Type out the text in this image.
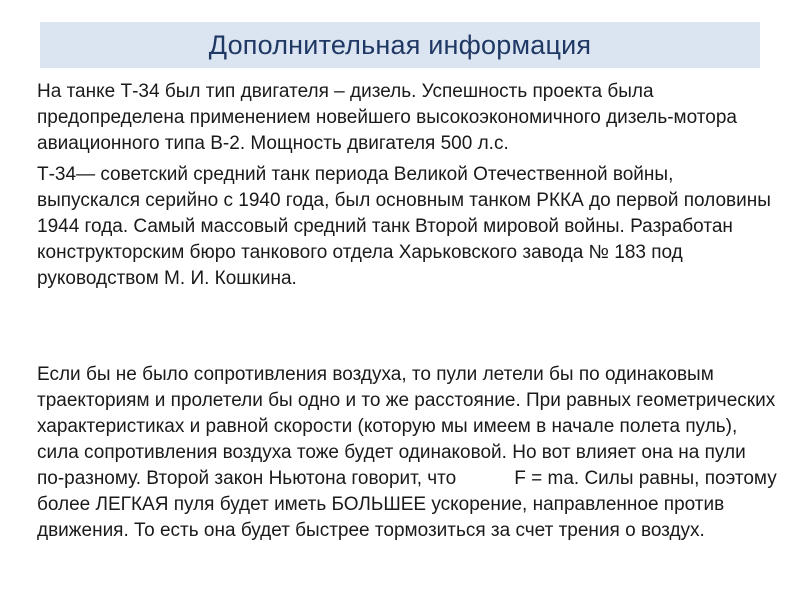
Дополнительная информация

На танке Т-34 был тип двигателя – дизель. Успешность проекта была предопределена применением новейшего высокоэкономичного дизель-мотора авиационного типа В-2. Мощность двигателя 500 л.с.

Т-34— советский средний танк периода Великой Отечественной войны, выпускался серийно с 1940 года, был основным танком РККА до первой половины 1944 года. Самый массовый средний танк Второй мировой войны. Разработан конструкторским бюро танкового отдела Харьковского завода № 183 под руководством М. И. Кошкина.

Если бы не было сопротивления воздуха, то пули летели бы по одинаковым траекториям и пролетели бы одно и то же расстояние. При равных геометрических характеристиках и равной скорости (которую мы имеем в начале полета пуль), сила сопротивления воздуха тоже будет одинаковой. Но вот влияет она на пули по-разному. Второй закон Ньютона говорит, что	F = ma. Силы равны, поэтому более ЛЕГКАЯ пуля будет иметь БОЛЬШЕЕ ускорение, направленное против движения. То есть она будет быстрее тормозиться за счет трения о воздух.
